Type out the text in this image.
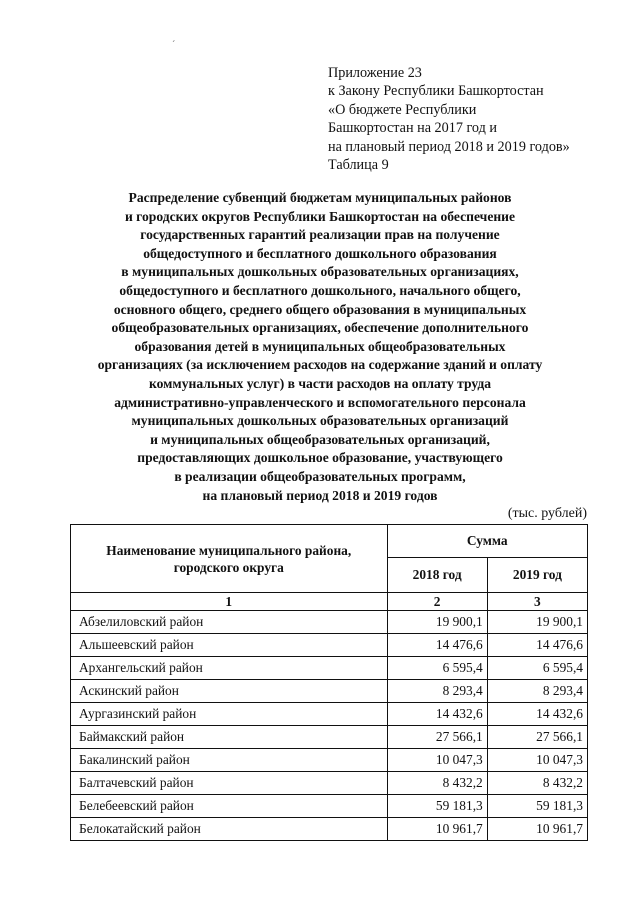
´
Приложение 23
к Закону Республики Башкортостан
«О бюджете Республики
Башкортостан на 2017 год и
на плановый период 2018 и 2019 годов»
Таблица 9
Распределение субвенций бюджетам муниципальных районов
и городских округов Республики Башкортостан на обеспечение
государственных гарантий реализации прав на получение
общедоступного и бесплатного дошкольного образования
в муниципальных дошкольных образовательных организациях,
общедоступного и бесплатного дошкольного, начального общего,
основного общего, среднего общего образования в муниципальных
общеобразовательных организациях, обеспечение дополнительного
образования детей в муниципальных общеобразовательных
организациях (за исключением расходов на содержание зданий и оплату
коммунальных услуг) в части расходов на оплату труда
административно-управленческого и вспомогательного персонала
муниципальных дошкольных образовательных организаций
и муниципальных общеобразовательных организаций,
предоставляющих дошкольное образование, участвующего
в реализации общеобразовательных программ,
на плановый период 2018 и 2019 годов
(тыс. рублей)
Наименование муниципального района,
городского округа	Сумма	
	2018 год	2019 год
1	2	3
Абзелиловский район	19 900,1	19 900,1
Альшеевский район	14 476,6	14 476,6
Архангельский район	6 595,4	6 595,4
Аскинский район	8 293,4	8 293,4
Аургазинский район	14 432,6	14 432,6
Баймакский район	27 566,1	27 566,1
Бакалинский район	10 047,3	10 047,3
Балтачевский район	8 432,2	8 432,2
Белебеевский район	59 181,3	59 181,3
Белокатайский район	10 961,7	10 961,7
